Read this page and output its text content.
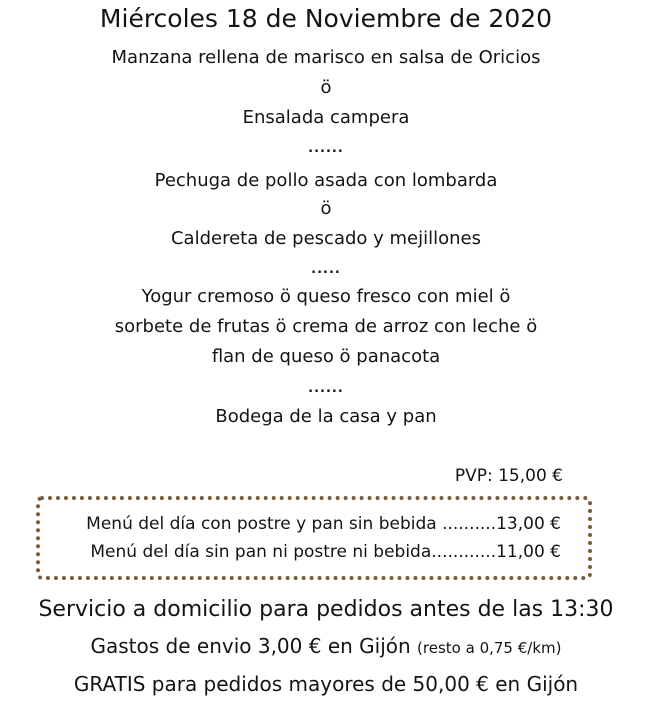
Miércoles 18 de Noviembre de 2020
Manzana rellena de marisco en salsa de Oricios
ö
Ensalada campera
......
Pechuga de pollo asada con lombarda
ö
Caldereta de pescado y mejillones
.....
Yogur cremoso ö queso fresco con miel ö
sorbete de frutas ö crema de arroz con leche ö
flan de queso ö panacota
......
Bodega de la casa y pan
PVP: 15,00 €
Menú del día con postre y pan sin bebida ..........13,00 €
Menú del día sin pan ni postre ni bebida............11,00 €
Servicio a domicilio para pedidos antes de las 13:30
Gastos de envio 3,00 € en Gijón (resto a 0,75 €/km)
GRATIS para pedidos mayores de 50,00 € en Gijón
